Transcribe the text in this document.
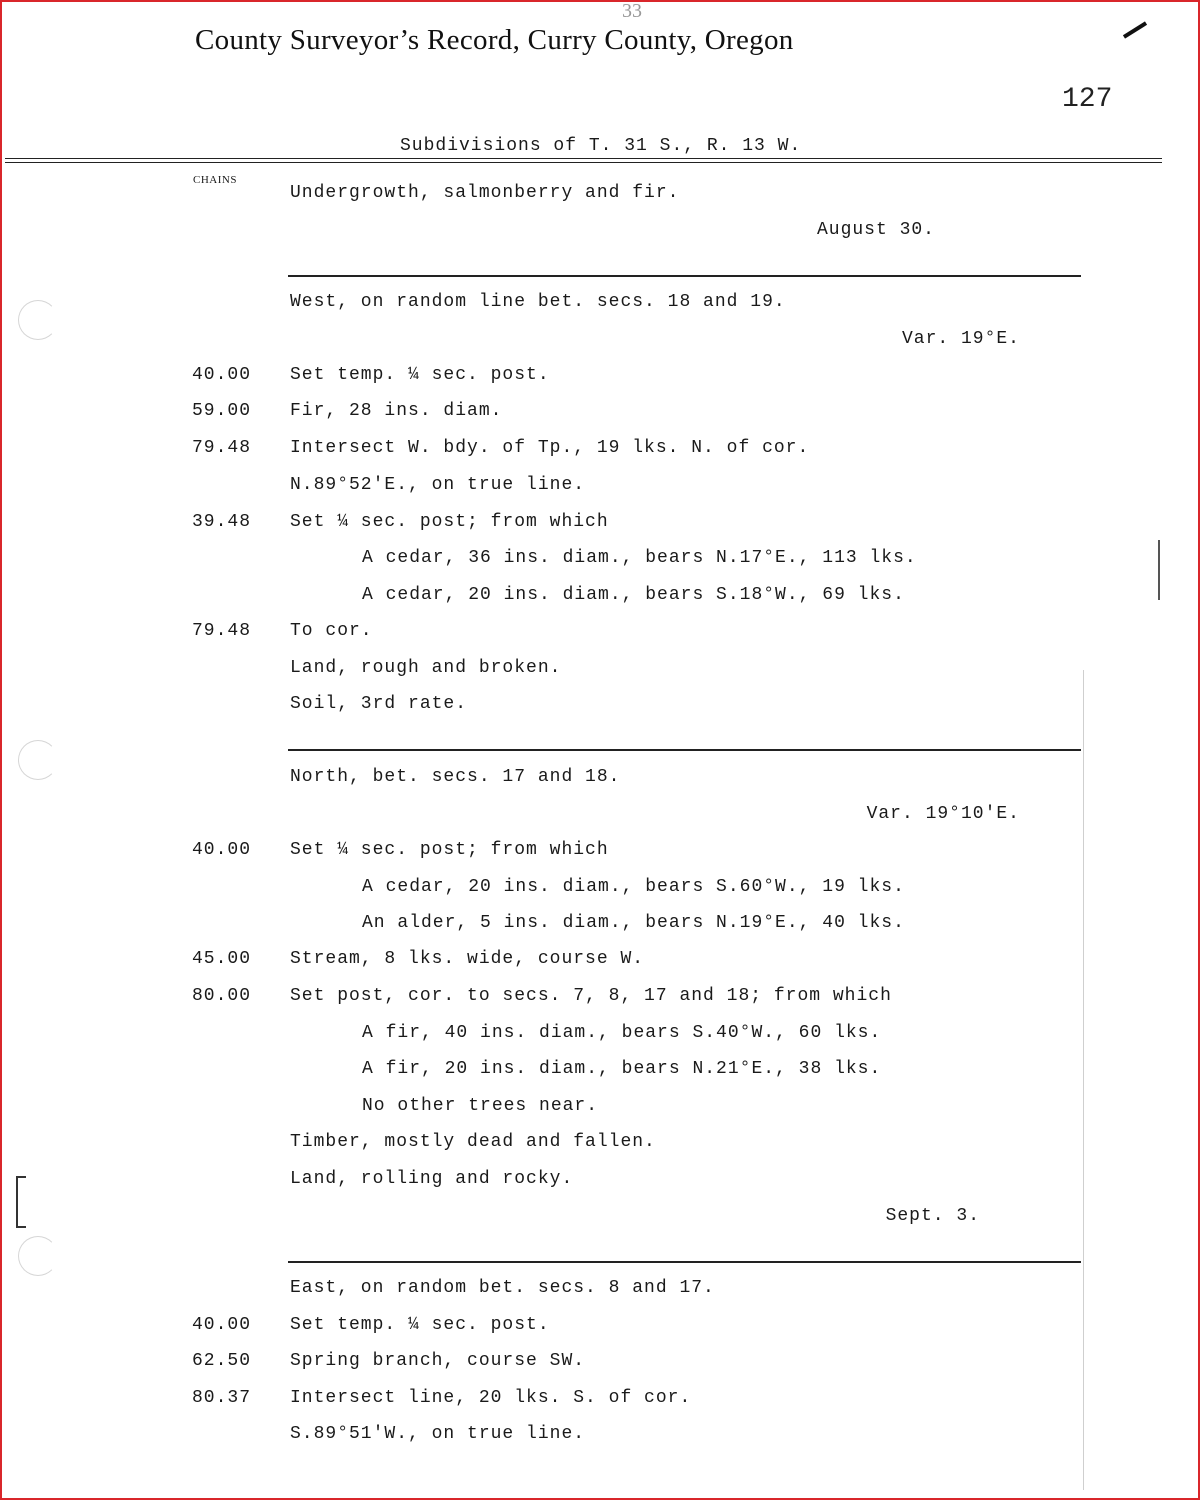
33
County Surveyor’s Record, Curry County, Oregon
127
Subdivisions of T. 31 S., R. 13 W.
CHAINS
Undergrowth, salmonberry and fir.
August 30.
West, on random line bet. secs. 18 and 19.
Var. 19°E.
40.00 Set temp. ¼ sec. post.
59.00 Fir, 28 ins. diam.
79.48 Intersect W. bdy. of Tp., 19 lks. N. of cor.
N.89°52'E., on true line.
39.48 Set ¼ sec. post; from which
A cedar, 36 ins. diam., bears N.17°E., 113 lks.
A cedar, 20 ins. diam., bears S.18°W., 69 lks.
79.48 To cor.
Land, rough and broken.
Soil, 3rd rate.
North, bet. secs. 17 and 18.
Var. 19°10'E.
40.00 Set ¼ sec. post; from which
A cedar, 20 ins. diam., bears S.60°W., 19 lks.
An alder, 5 ins. diam., bears N.19°E., 40 lks.
45.00 Stream, 8 lks. wide, course W.
80.00 Set post, cor. to secs. 7, 8, 17 and 18; from which
A fir, 40 ins. diam., bears S.40°W., 60 lks.
A fir, 20 ins. diam., bears N.21°E., 38 lks.
No other trees near.
Timber, mostly dead and fallen.
Land, rolling and rocky.
Sept. 3.
East, on random bet. secs. 8 and 17.
40.00 Set temp. ¼ sec. post.
62.50 Spring branch, course SW.
80.37 Intersect line, 20 lks. S. of cor.
S.89°51'W., on true line.
